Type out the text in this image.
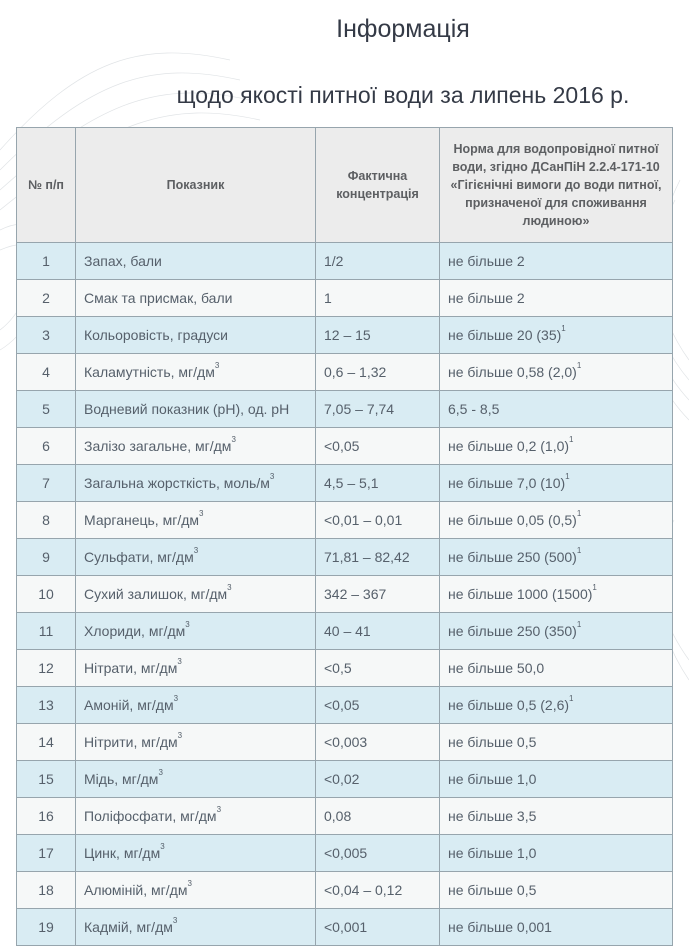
Інформація
щодо якості питної води за липень 2016 р.
№ п/п	Показник	Фактична концентрація	Норма для водопровідної питної води, згідно ДСанПіН 2.2.4-171-10 «Гігієнічні вимоги до води питної, призначеної для споживання людиною»
1	Запах, бали	1/2	не більше 2
2	Смак та присмак, бали	1	не більше 2
3	Кольоровість, градуси	12 – 15	не більше 20 $(35)^1$
4	Каламутність, $мг/дм^3$	0,6 – 1,32	не більше 0,58 $(2,0)^1$
5	Водневий показник (pH), од. pH	7,05 – 7,74	6,5 - 8,5
6	Залізо загальне, $мг/дм^3$	<0,05	не більше 0,2 $(1,0)^1$
7	Загальна жорсткість, моль/$м^3$	4,5 – 5,1	не більше 7,0 $(10)^1$
8	Марганець, $мг/дм^3$	<0,01 – 0,01	не більше 0,05 $(0,5)^1$
9	Сульфати, $мг/дм^3$	71,81 – 82,42	не більше 250 $(500)^1$
10	Сухий залишок, $мг/дм^3$	342 – 367	не більше 1000 $(1500)^1$
11	Хлориди, $мг/дм^3$	40 – 41	не більше 250 $(350)^1$
12	Нітрати, $мг/дм^3$	<0,5	не більше 50,0
13	Амоній, $мг/дм^3$	<0,05	не більше 0,5 $(2,6)^1$
14	Нітрити, $мг/дм^3$	<0,003	не більше 0,5
15	Мідь, $мг/дм^3$	<0,02	не більше 1,0
16	Поліфосфати, $мг/дм^3$	0,08	не більше 3,5
17	Цинк, $мг/дм^3$	<0,005	не більше 1,0
18	Алюміній, $мг/дм^3$	<0,04 – 0,12	не більше 0,5
19	Кадмій, $мг/дм^3$	<0,001	не більше 0,001
